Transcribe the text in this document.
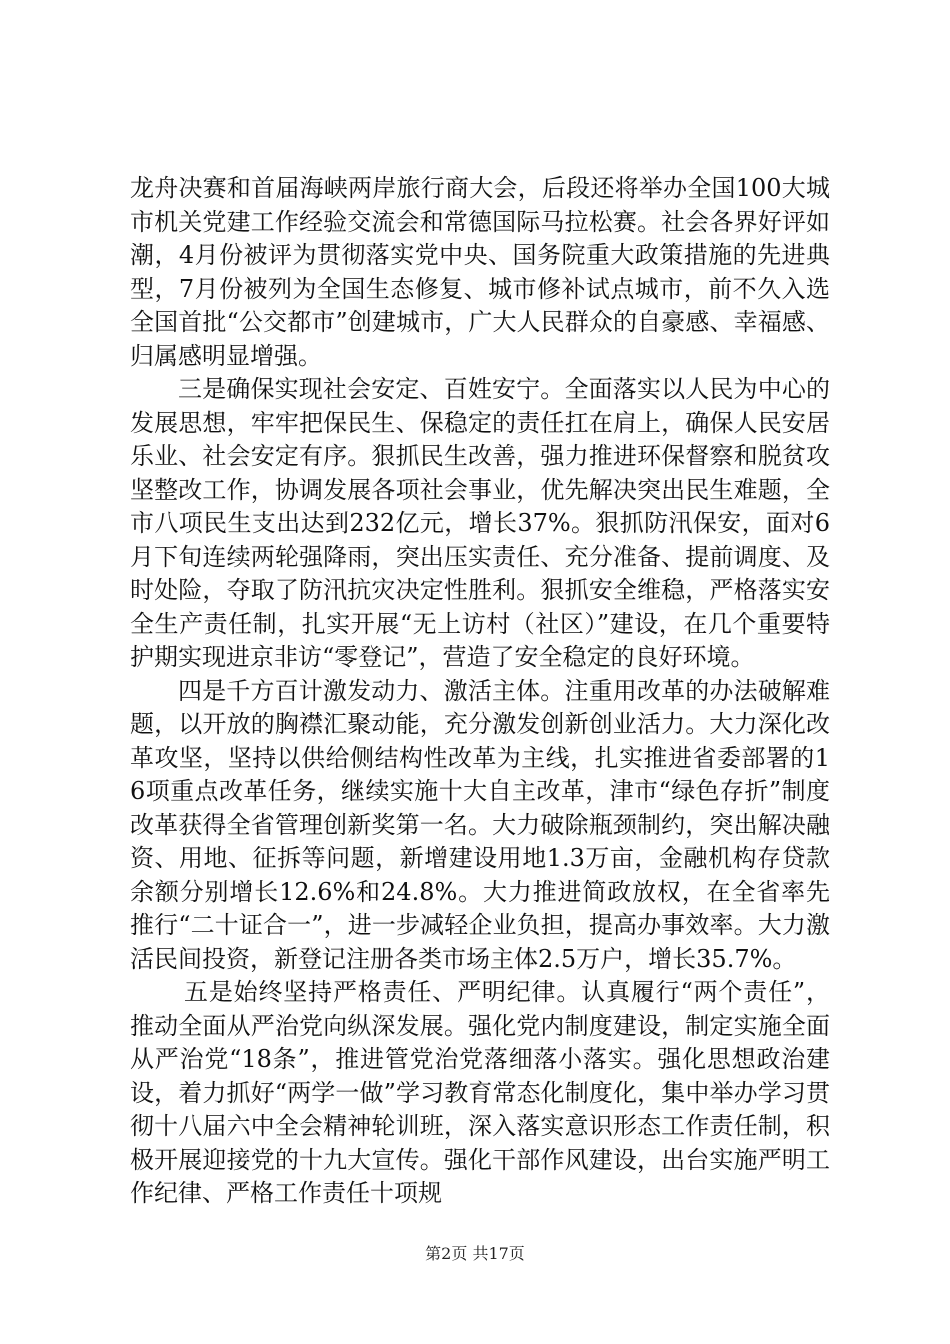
龙舟决赛和首届海峡两岸旅行商大会，后段还将举办全国100大城市机关党建工作经验交流会和常德国际马拉松赛。社会各界好评如潮，4月份被评为贯彻落实党中央、国务院重大政策措施的先进典型，7月份被列为全国生态修复、城市修补试点城市，前不久入选全国首批“公交都市”创建城市，广大人民群众的自豪感、幸福感、归属感明显增强。

三是确保实现社会安定、百姓安宁。全面落实以人民为中心的发展思想，牢牢把保民生、保稳定的责任扛在肩上，确保人民安居乐业、社会安定有序。狠抓民生改善，强力推进环保督察和脱贫攻坚整改工作，协调发展各项社会事业，优先解决突出民生难题，全市八项民生支出达到232亿元，增长37%。狠抓防汛保安，面对6月下旬连续两轮强降雨，突出压实责任、充分准备、提前调度、及时处险，夺取了防汛抗灾决定性胜利。狠抓安全维稳，严格落实安全生产责任制，扎实开展“无上访村（社区）”建设，在几个重要特护期实现进京非访“零登记”，营造了安全稳定的良好环境。

四是千方百计激发动力、激活主体。注重用改革的办法破解难题，以开放的胸襟汇聚动能，充分激发创新创业活力。大力深化改革攻坚，坚持以供给侧结构性改革为主线，扎实推进省委部署的16项重点改革任务，继续实施十大自主改革，津市“绿色存折”制度改革获得全省管理创新奖第一名。大力破除瓶颈制约，突出解决融资、用地、征拆等问题，新增建设用地1.3万亩，金融机构存贷款余额分别增长12.6%和24.8%。大力推进简政放权，在全省率先推行“二十证合一”，进一步减轻企业负担，提高办事效率。大力激活民间投资，新登记注册各类市场主体2.5万户，增长35.7%。

五是始终坚持严格责任、严明纪律。认真履行“两个责任”，推动全面从严治党向纵深发展。强化党内制度建设，制定实施全面从严治党“18条”，推进管党治党落细落小落实。强化思想政治建设，着力抓好“两学一做”学习教育常态化制度化，集中举办学习贯彻十八届六中全会精神轮训班，深入落实意识形态工作责任制，积极开展迎接党的十九大宣传。强化干部作风建设，出台实施严明工作纪律、严格工作责任十项规

第2页 共17页
